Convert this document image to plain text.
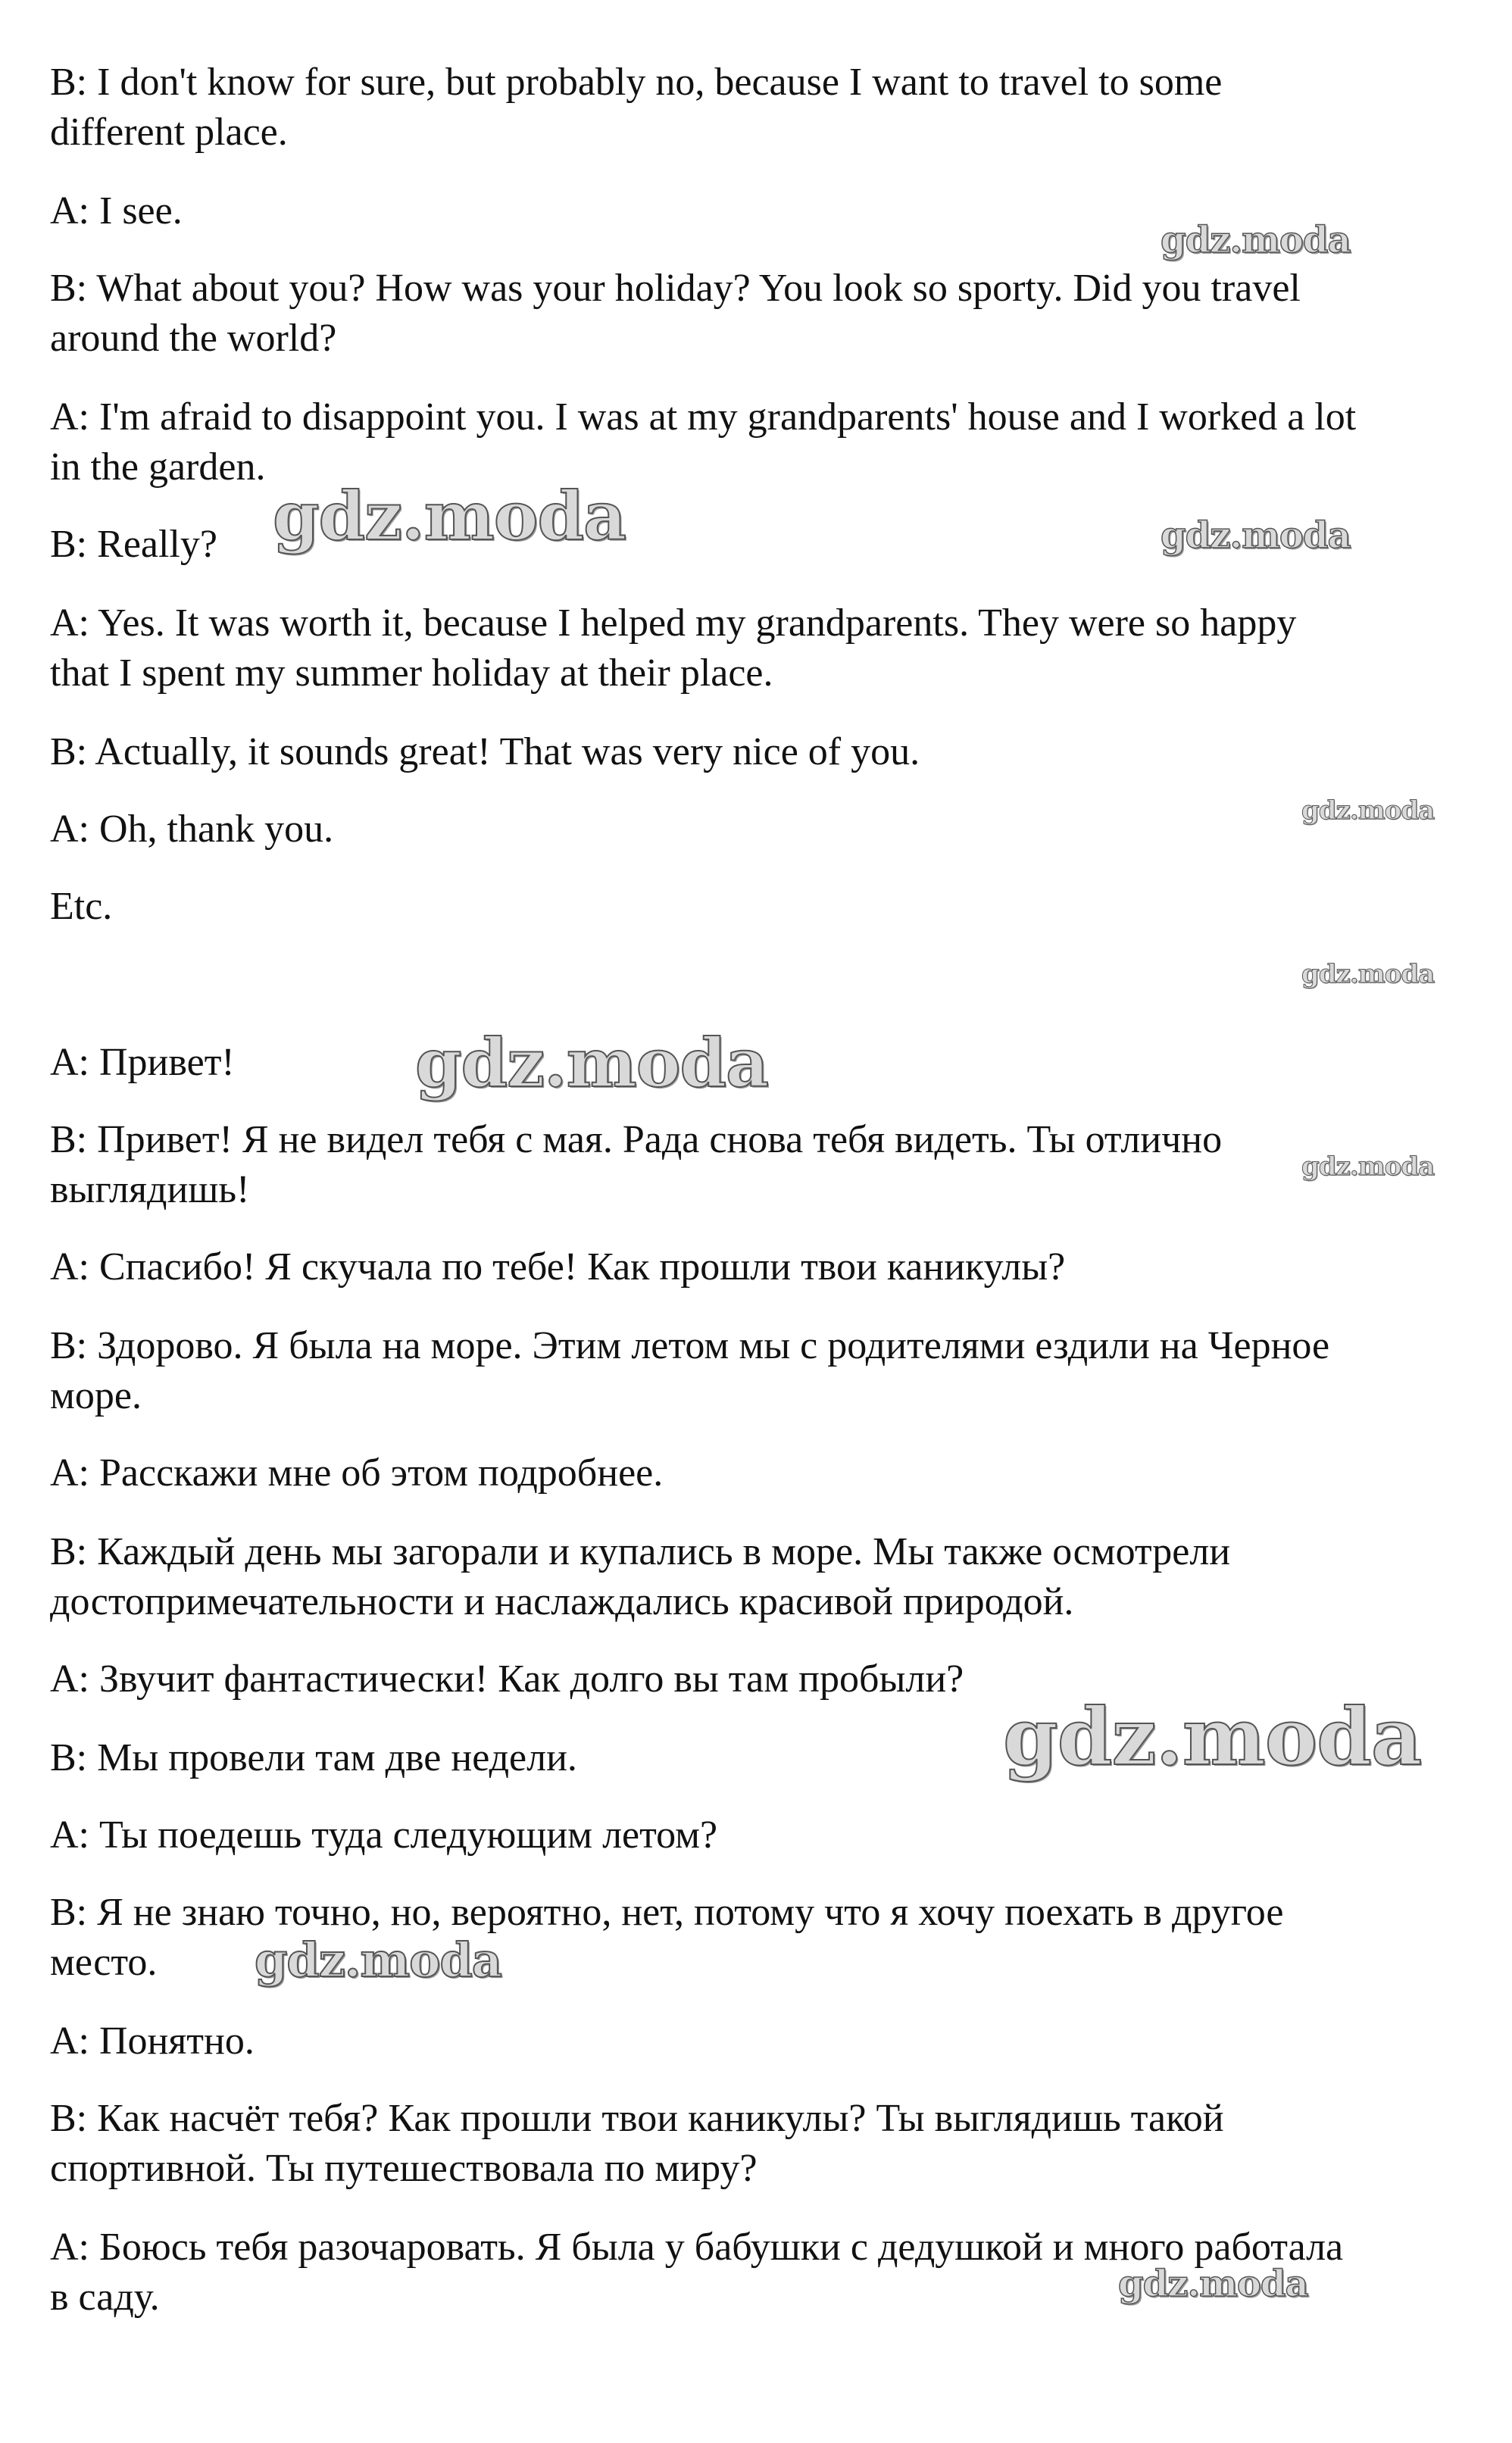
B: I don't know for sure, but probably no, because I want to travel to some
different place.
A: I see.
B: What about you? How was your holiday? You look so sporty. Did you travel
around the world?
A: I'm afraid to disappoint you. I was at my grandparents' house and I worked a lot
in the garden.
B: Really?
A: Yes. It was worth it, because I helped my grandparents. They were so happy
that I spent my summer holiday at their place.
B: Actually, it sounds great! That was very nice of you.
A: Oh, thank you.
Etc.
A: Привет!
B: Привет! Я не видел тебя с мая. Рада снова тебя видеть. Ты отлично
выглядишь!
A: Спасибо! Я скучала по тебе! Как прошли твои каникулы?
B: Здорово. Я была на море. Этим летом мы с родителями ездили на Черное
море.
A: Расскажи мне об этом подробнее.
B: Каждый день мы загорали и купались в море. Мы также осмотрели
достопримечательности и наслаждались красивой природой.
A: Звучит фантастически! Как долго вы там пробыли?
B: Мы провели там две недели.
A: Ты поедешь туда следующим летом?
B: Я не знаю точно, но, вероятно, нет, потому что я хочу поехать в другое
место.
A: Понятно.
B: Как насчёт тебя? Как прошли твои каникулы? Ты выглядишь такой
спортивной. Ты путешествовала по миру?
A: Боюсь тебя разочаровать. Я была у бабушки с дедушкой и много работала
в саду.
gdz.moda
gdz.moda	gdz.moda
gdz.moda
gdz.moda
gdz.moda
gdz.moda
gdz.moda
gdz.moda
gdz.moda
